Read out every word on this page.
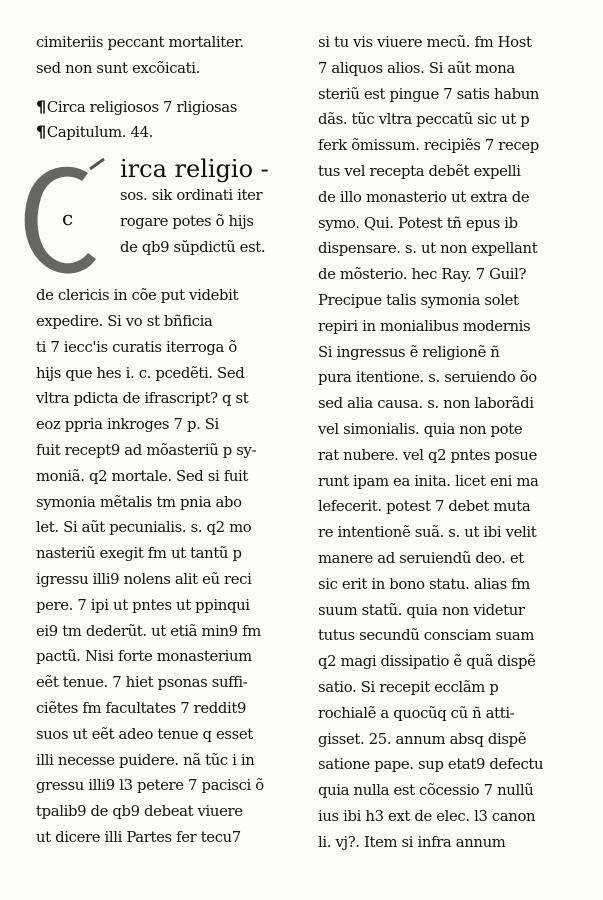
cimiteriis peccant mortaliter.
sed non sunt excõicati.
¶Circa religiosos 7 rligiosas
¶Capitulum. 44.
c
irca religio -
sos. sik ordinati iter
rogare potes õ hijs
de qb9 sŭpdictũ est.
de clericis in cõe put videbit
expedire. Si vo st bñficia
ti 7 iecc'is curatis iterroga õ
hijs que hes i. c. pcedẽti. Sed
vltra pdicta de ifrascript? q st
eoz ppria inkroges 7 p. Si
fuit recept9 ad mõasteriũ p sy-
moniã. q2 mortale. Sed si fuit
symonia mẽtalis tm pnia abo
let. Si aũt pecunialis. s. q2 mo
nasteriũ exegit fm ut tantũ p
igressu illi9 nolens alit eũ reci
pere. 7 ipi ut pntes ut ppinqui
ei9 tm dederũt. ut etiã min9 fm
pactũ. Nisi forte monasterium
eẽt tenue. 7 hiet psonas suffi-
ciẽtes fm facultates 7 reddit9
suos ut eẽt adeo tenue q esset
illi necesse puidere. nã tũc i in
gressu illi9 l3 petere 7 pacisci õ
tpalib9 de qb9 debeat viuere
ut dicere illi Partes fer tecu7
si tu vis viuere mecũ. fm Host
7 aliquos alios. Si aũt mona
steriũ est pingue 7 satis habun
dãs. tũc vltra peccatũ sic ut p
ferk õmissum. recipiẽs 7 recep
tus vel recepta debẽt expelli
de illo monasterio ut extra de
symo. Qui. Potest tñ epus ib
dispensare. s. ut non expellant
de mõsterio. hec Ray. 7 Guil?
Precipue talis symonia solet
repiri in monialibus modernis
Si ingressus ẽ religionẽ ñ
pura itentione. s. seruiendo õo
sed alia causa. s. non laborãdi
vel simonialis. quia non pote
rat nubere. vel q2 pntes posue
runt ipam ea inita. licet eni ma
lefecerit. potest 7 debet muta
re intentionẽ suã. s. ut ibi velit
manere ad seruiendũ deo. et
sic erit in bono statu. alias fm
suum statũ. quia non videtur
tutus secundũ consciam suam
q2 magi dissipatio ẽ quã dispẽ
satio. Si recepit ecclãm p
rochialẽ a quocũq cũ ñ atti-
gisset. 25. annum absq dispẽ
satione pape. sup etat9 defectu
quia nulla est cõcessio 7 nullũ
ius ibi h3 ext de elec. l3 canon
li. vj?. Item si infra annum
